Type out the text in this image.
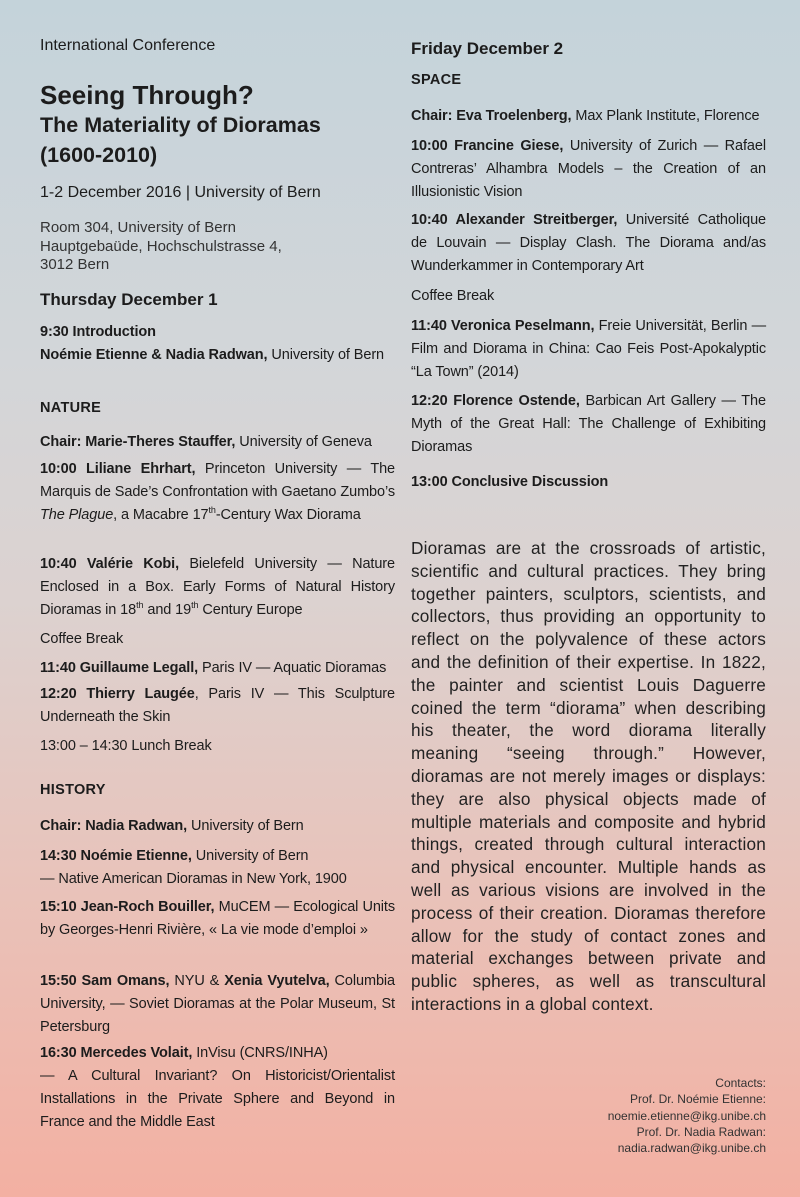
International Conference
Seeing Through?
The Materiality of Dioramas
(1600-2010)
1-2 December 2016 | University of Bern
Room 304, University of Bern
Hauptgebaüde, Hochschulstrasse 4,
3012 Bern
Thursday December 1
9:30 Introduction
Noémie Etienne & Nadia Radwan, University of Bern
NATURE
Chair: Marie-Theres Stauffer, University of Geneva
10:00 Liliane Ehrhart, Princeton University — The Marquis de Sade’s Confrontation with Gaetano Zumbo’s The Plague, a Macabre 17th-Century Wax Diorama
10:40 Valérie Kobi, Bielefeld University — Nature Enclosed in a Box. Early Forms of Natural History Dioramas in 18th and 19th Century Europe
Coffee Break
11:40 Guillaume Legall, Paris IV — Aquatic Dioramas
12:20 Thierry Laugée, Paris IV — This Sculpture Underneath the Skin
13:00 – 14:30 Lunch Break
HISTORY
Chair: Nadia Radwan, University of Bern
14:30 Noémie Etienne, University of Bern
— Native American Dioramas in New York, 1900
15:10 Jean-Roch Bouiller, MuCEM — Ecological Units by Georges-Henri Rivière, « La vie mode d’emploi »
15:50 Sam Omans, NYU & Xenia Vyutelva, Columbia University, — Soviet Dioramas at the Polar Museum, St Petersburg
16:30 Mercedes Volait, InVisu (CNRS/INHA)
— A Cultural Invariant? On Historicist/Orientalist Installations in the Private Sphere and Beyond in France and the Middle East
Friday December 2
SPACE
Chair: Eva Troelenberg, Max Plank Institute, Florence
10:00 Francine Giese, University of Zurich — Rafael Contreras’ Alhambra Models – the Creation of an Illusionistic Vision
10:40 Alexander Streitberger, Université Catholique de Louvain — Display Clash. The Diorama and/as Wunderkammer in Contemporary Art
Coffee Break
11:40 Veronica Peselmann, Freie Universität, Berlin — Film and Diorama in China: Cao Feis Post-Apokalyptic “La Town” (2014)
12:20 Florence Ostende, Barbican Art Gallery — The Myth of the Great Hall: The Challenge of Exhibiting Dioramas
13:00 Conclusive Discussion
Dioramas are at the crossroads of artistic, scientific and cultural practices. They bring together painters, sculptors, scientists, and collectors, thus providing an opportunity to reflect on the polyvalence of these actors and the definition of their expertise. In 1822, the painter and scientist Louis Daguerre coined the term “diorama” when describing his theater, the word diorama literally meaning “seeing through.” However, dioramas are not merely images or displays: they are also physical objects made of multiple materials and composite and hybrid things, created through cultural interaction and physical encounter. Multiple hands as well as various visions are involved in the process of their creation. Dioramas therefore allow for the study of contact zones and material exchanges between private and public spheres, as well as transcultural interactions in a global context.
Contacts:
Prof. Dr. Noémie Etienne:
noemie.etienne@ikg.unibe.ch
Prof. Dr. Nadia Radwan:
nadia.radwan@ikg.unibe.ch
